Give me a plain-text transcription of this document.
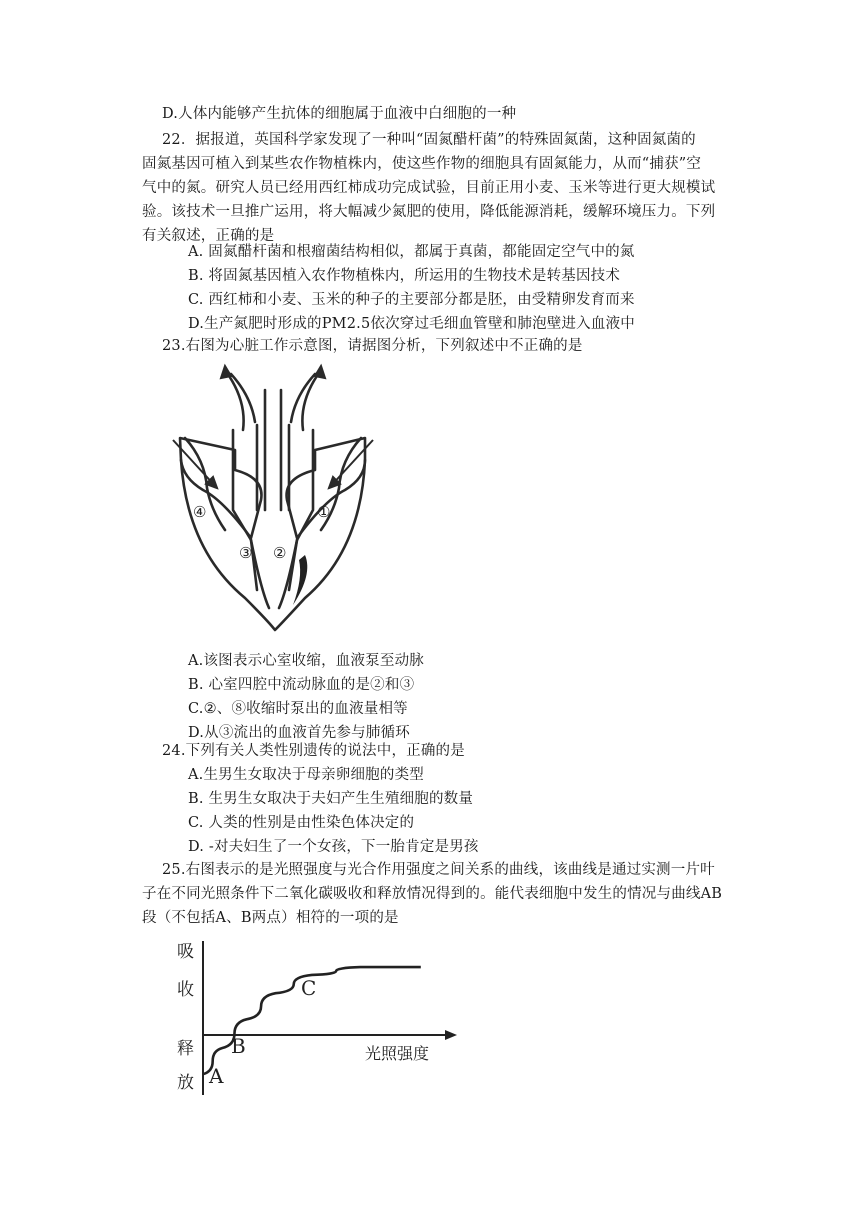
D.人体内能够产生抗体的细胞属于血液中白细胞的一种
22．据报道，英国科学家发现了一种叫“固氮醋杆菌”的特殊固氮菌，这种固氮菌的
固氮基因可植入到某些农作物植株内，使这些作物的细胞具有固氮能力，从而“捕获”空
气中的氮。研究人员已经用西红柿成功完成试验，目前正用小麦、玉米等进行更大规模试
验。该技术一旦推广运用，将大幅减少氮肥的使用，降低能源消耗，缓解环境压力。下列
有关叙述，正确的是
A. 固氮醋杆菌和根瘤菌结构相似，都属于真菌，都能固定空气中的氮
B. 将固氮基因植入农作物植株内，所运用的生物技术是转基因技术
C. 西红柿和小麦、玉米的种子的主要部分都是胚，由受精卵发育而来
D.生产氮肥时形成的PM2.5依次穿过毛细血管壁和肺泡壁进入血液中
23.右图为心脏工作示意图，请据图分析，下列叙述中不正确的是
④
③ ②
①
A.该图表示心室收缩，血液泵至动脉
B. 心室四腔中流动脉血的是②和③
C.②、⑧收缩时泵出的血液量相等
D.从③流出的血液首先参与肺循环
24.下列有关人类性别遗传的说法中，正确的是
A.生男生女取决于母亲卵细胞的类型
B. 生男生女取决于夫妇产生生殖细胞的数量
C. 人类的性别是由性染色体决定的
D. -对夫妇生了一个女孩，下一胎肯定是男孩
25.右图表示的是光照强度与光合作用强度之间关系的曲线，该曲线是通过实测一片叶
子在不同光照条件下二氧化碳吸收和释放情况得到的。能代表细胞中发生的情况与曲线AB
段（不包括A、B两点）相符的一项的是
吸
收
释
放 A
B
C
光照强度
